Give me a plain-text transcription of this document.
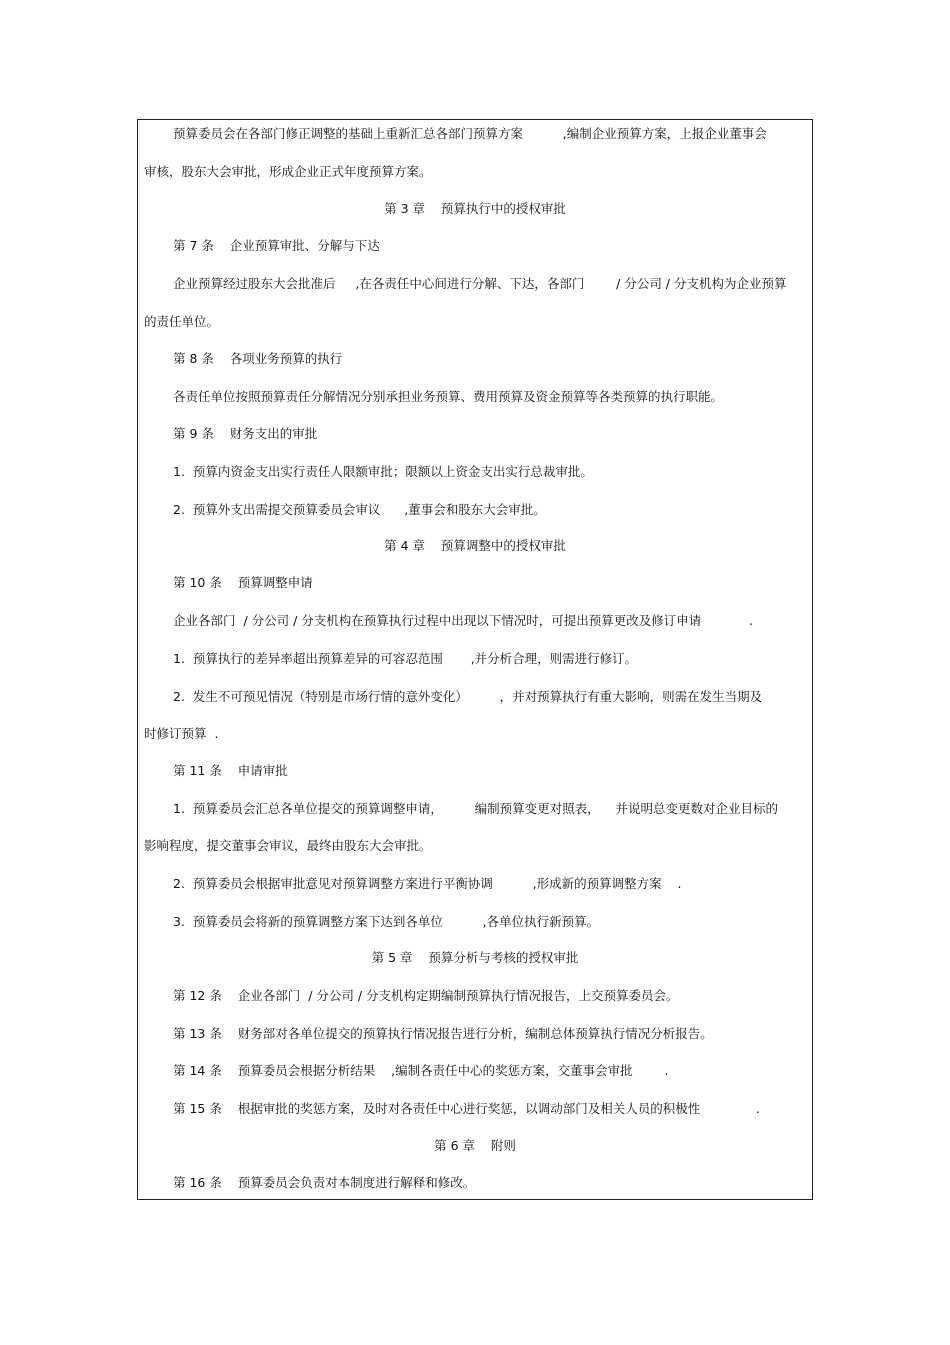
预算委员会在各部门修正调整的基础上重新汇总各部门预算方案          ,编制企业预算方案，上报企业董事会
审核，股东大会审批，形成企业正式年度预算方案。
第 3 章    预算执行中的授权审批
第 7 条    企业预算审批、分解与下达
企业预算经过股东大会批准后     ,在各责任中心间进行分解、下达，各部门        / 分公司 / 分支机构为企业预算
的责任单位。
第 8 条    各项业务预算的执行
各责任单位按照预算责任分解情况分别承担业务预算、费用预算及资金预算等各类预算的执行职能。
第 9 条    财务支出的审批
1.  预算内资金支出实行责任人限额审批；限额以上资金支出实行总裁审批。
2.  预算外支出需提交预算委员会审议      ,董事会和股东大会审批。
第 4 章    预算调整中的授权审批
第 10 条    预算调整申请
企业各部门  / 分公司 / 分支机构在预算执行过程中出现以下情况时，可提出预算更改及修订申请            .
1.  预算执行的差异率超出预算差异的可容忍范围       ,并分析合理，则需进行修订。
2.  发生不可预见情况（特别是市场行情的意外变化）        ，并对预算执行有重大影响，则需在发生当期及
时修订预算  .
第 11 条    申请审批
1.  预算委员会汇总各单位提交的预算调整申请，        编制预算变更对照表，    并说明总变更数对企业目标的
影响程度，提交董事会审议，最终由股东大会审批。
2.  预算委员会根据审批意见对预算调整方案进行平衡协调          ,形成新的预算调整方案    .
3.  预算委员会将新的预算调整方案下达到各单位          ,各单位执行新预算。
第 5 章    预算分析与考核的授权审批
第 12 条    企业各部门  / 分公司 / 分支机构定期编制预算执行情况报告，上交预算委员会。
第 13 条    财务部对各单位提交的预算执行情况报告进行分析，编制总体预算执行情况分析报告。
第 14 条    预算委员会根据分析结果    ,编制各责任中心的奖惩方案，交董事会审批        .
第 15 条    根据审批的奖惩方案，及时对各责任中心进行奖惩，以调动部门及相关人员的积极性              .
第 6 章    附则
第 16 条    预算委员会负责对本制度进行解释和修改。
